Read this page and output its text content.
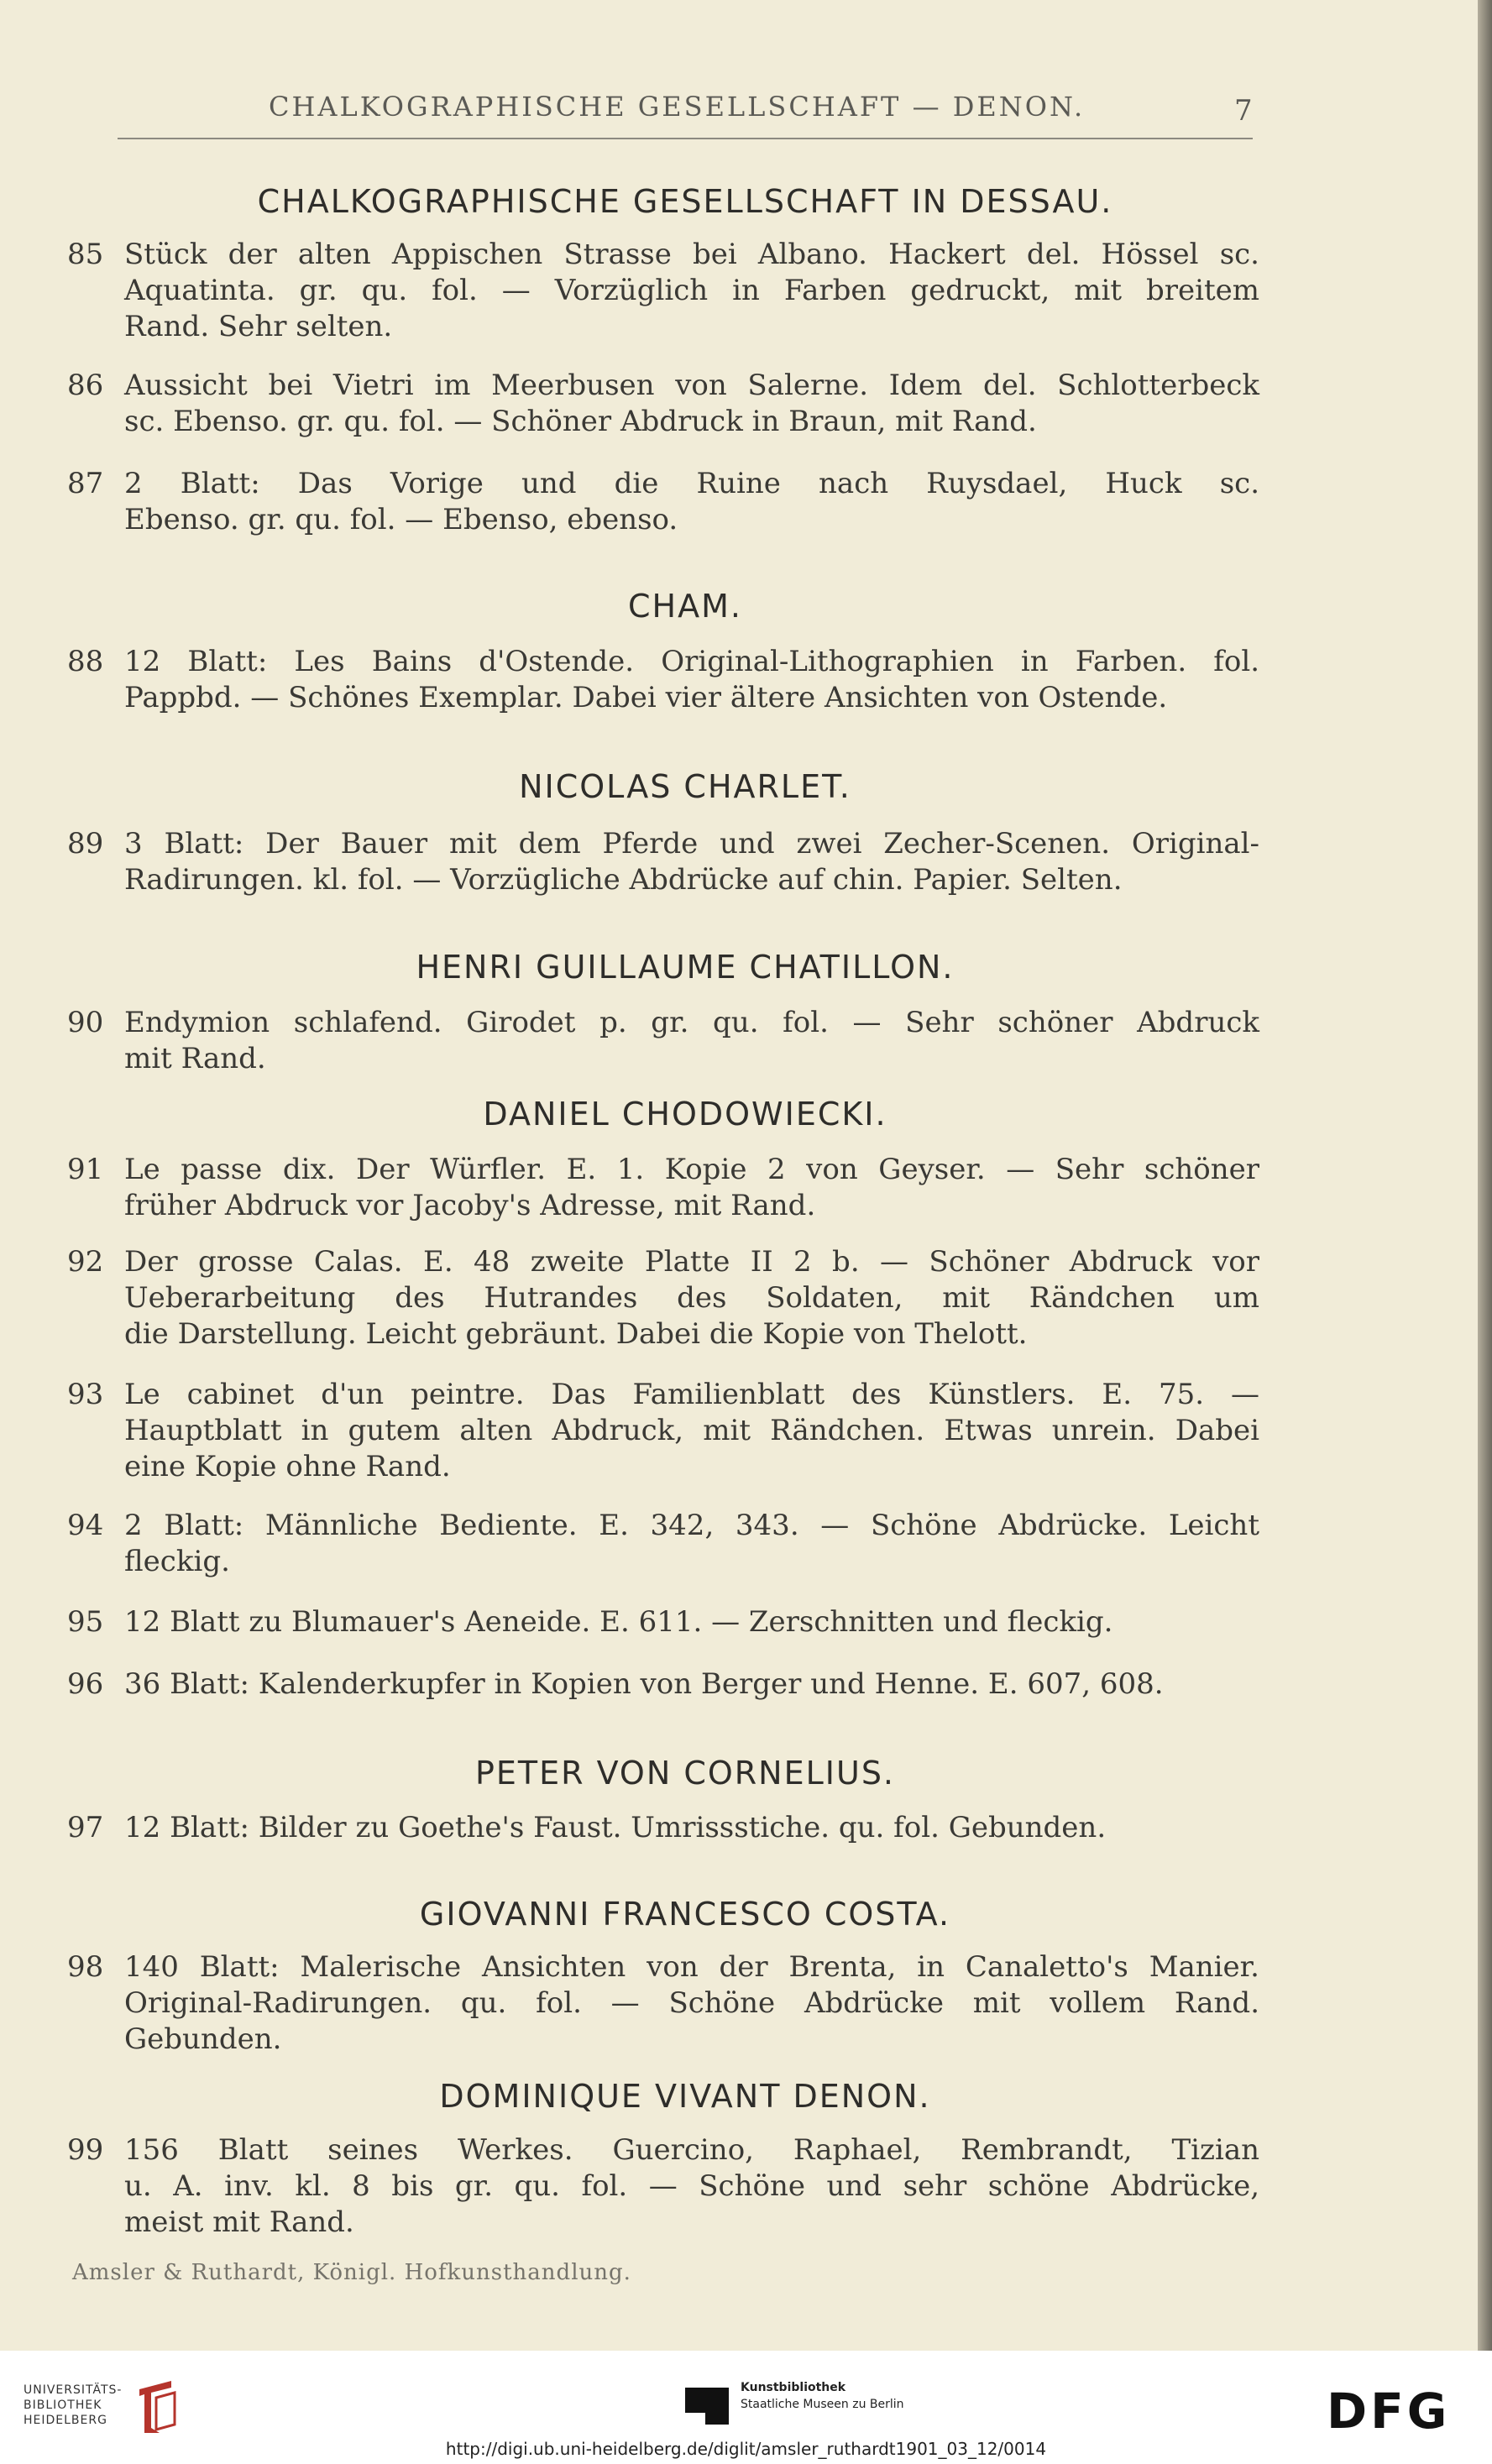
CHALKOGRAPHISCHE GESELLSCHAFT — DENON.	7
CHALKOGRAPHISCHE GESELLSCHAFT IN DESSAU.
85 Stück der alten Appischen Strasse bei Albano. Hackert del. Hössel sc.
Aquatinta. gr. qu. fol. — Vorzüglich in Farben gedruckt, mit breitem
Rand. Sehr selten.
86 Aussicht bei Vietri im Meerbusen von Salerne. Idem del. Schlotterbeck
sc. Ebenso. gr. qu. fol. — Schöner Abdruck in Braun, mit Rand.
87 2 Blatt: Das Vorige und die Ruine nach Ruysdael, Huck sc.
Ebenso. gr. qu. fol. — Ebenso, ebenso.
CHAM.
88 12 Blatt: Les Bains d'Ostende. Original-Lithographien in Farben. fol.
Pappbd. — Schönes Exemplar. Dabei vier ältere Ansichten von Ostende.
NICOLAS CHARLET.
89 3 Blatt: Der Bauer mit dem Pferde und zwei Zecher-Scenen. Original-
Radirungen. kl. fol. — Vorzügliche Abdrücke auf chin. Papier. Selten.
HENRI GUILLAUME CHATILLON.
90 Endymion schlafend. Girodet p. gr. qu. fol. — Sehr schöner Abdruck
mit Rand.
DANIEL CHODOWIECKI.
91 Le passe dix. Der Würfler. E. 1. Kopie 2 von Geyser. — Sehr schöner
früher Abdruck vor Jacoby's Adresse, mit Rand.
92 Der grosse Calas. E. 48 zweite Platte II 2 b. — Schöner Abdruck vor
Ueberarbeitung des Hutrandes des Soldaten, mit Rändchen um
die Darstellung. Leicht gebräunt. Dabei die Kopie von Thelott.
93 Le cabinet d'un peintre. Das Familienblatt des Künstlers. E. 75. —
Hauptblatt in gutem alten Abdruck, mit Rändchen. Etwas unrein. Dabei
eine Kopie ohne Rand.
94 2 Blatt: Männliche Bediente. E. 342, 343. — Schöne Abdrücke. Leicht
fleckig.
95 12 Blatt zu Blumauer's Aeneide. E. 611. — Zerschnitten und fleckig.
96 36 Blatt: Kalenderkupfer in Kopien von Berger und Henne. E. 607, 608.
PETER VON CORNELIUS.
97 12 Blatt: Bilder zu Goethe's Faust. Umrissstiche. qu. fol. Gebunden.
GIOVANNI FRANCESCO COSTA.
98 140 Blatt: Malerische Ansichten von der Brenta, in Canaletto's Manier.
Original-Radirungen. qu. fol. — Schöne Abdrücke mit vollem Rand.
Gebunden.
DOMINIQUE VIVANT DENON.
99 156 Blatt seines Werkes. Guercino, Raphael, Rembrandt, Tizian
u. A. inv. kl. 8 bis gr. qu. fol. — Schöne und sehr schöne Abdrücke,
meist mit Rand.
Amsler & Ruthardt, Königl. Hofkunsthandlung.
UNIVERSITÄTS-
BIBLIOTHEK
HEIDELBERG
Kunstbibliothek
Staatliche Museen zu Berlin	DFG
http://digi.ub.uni-heidelberg.de/diglit/amsler_ruthardt1901_03_12/0014
